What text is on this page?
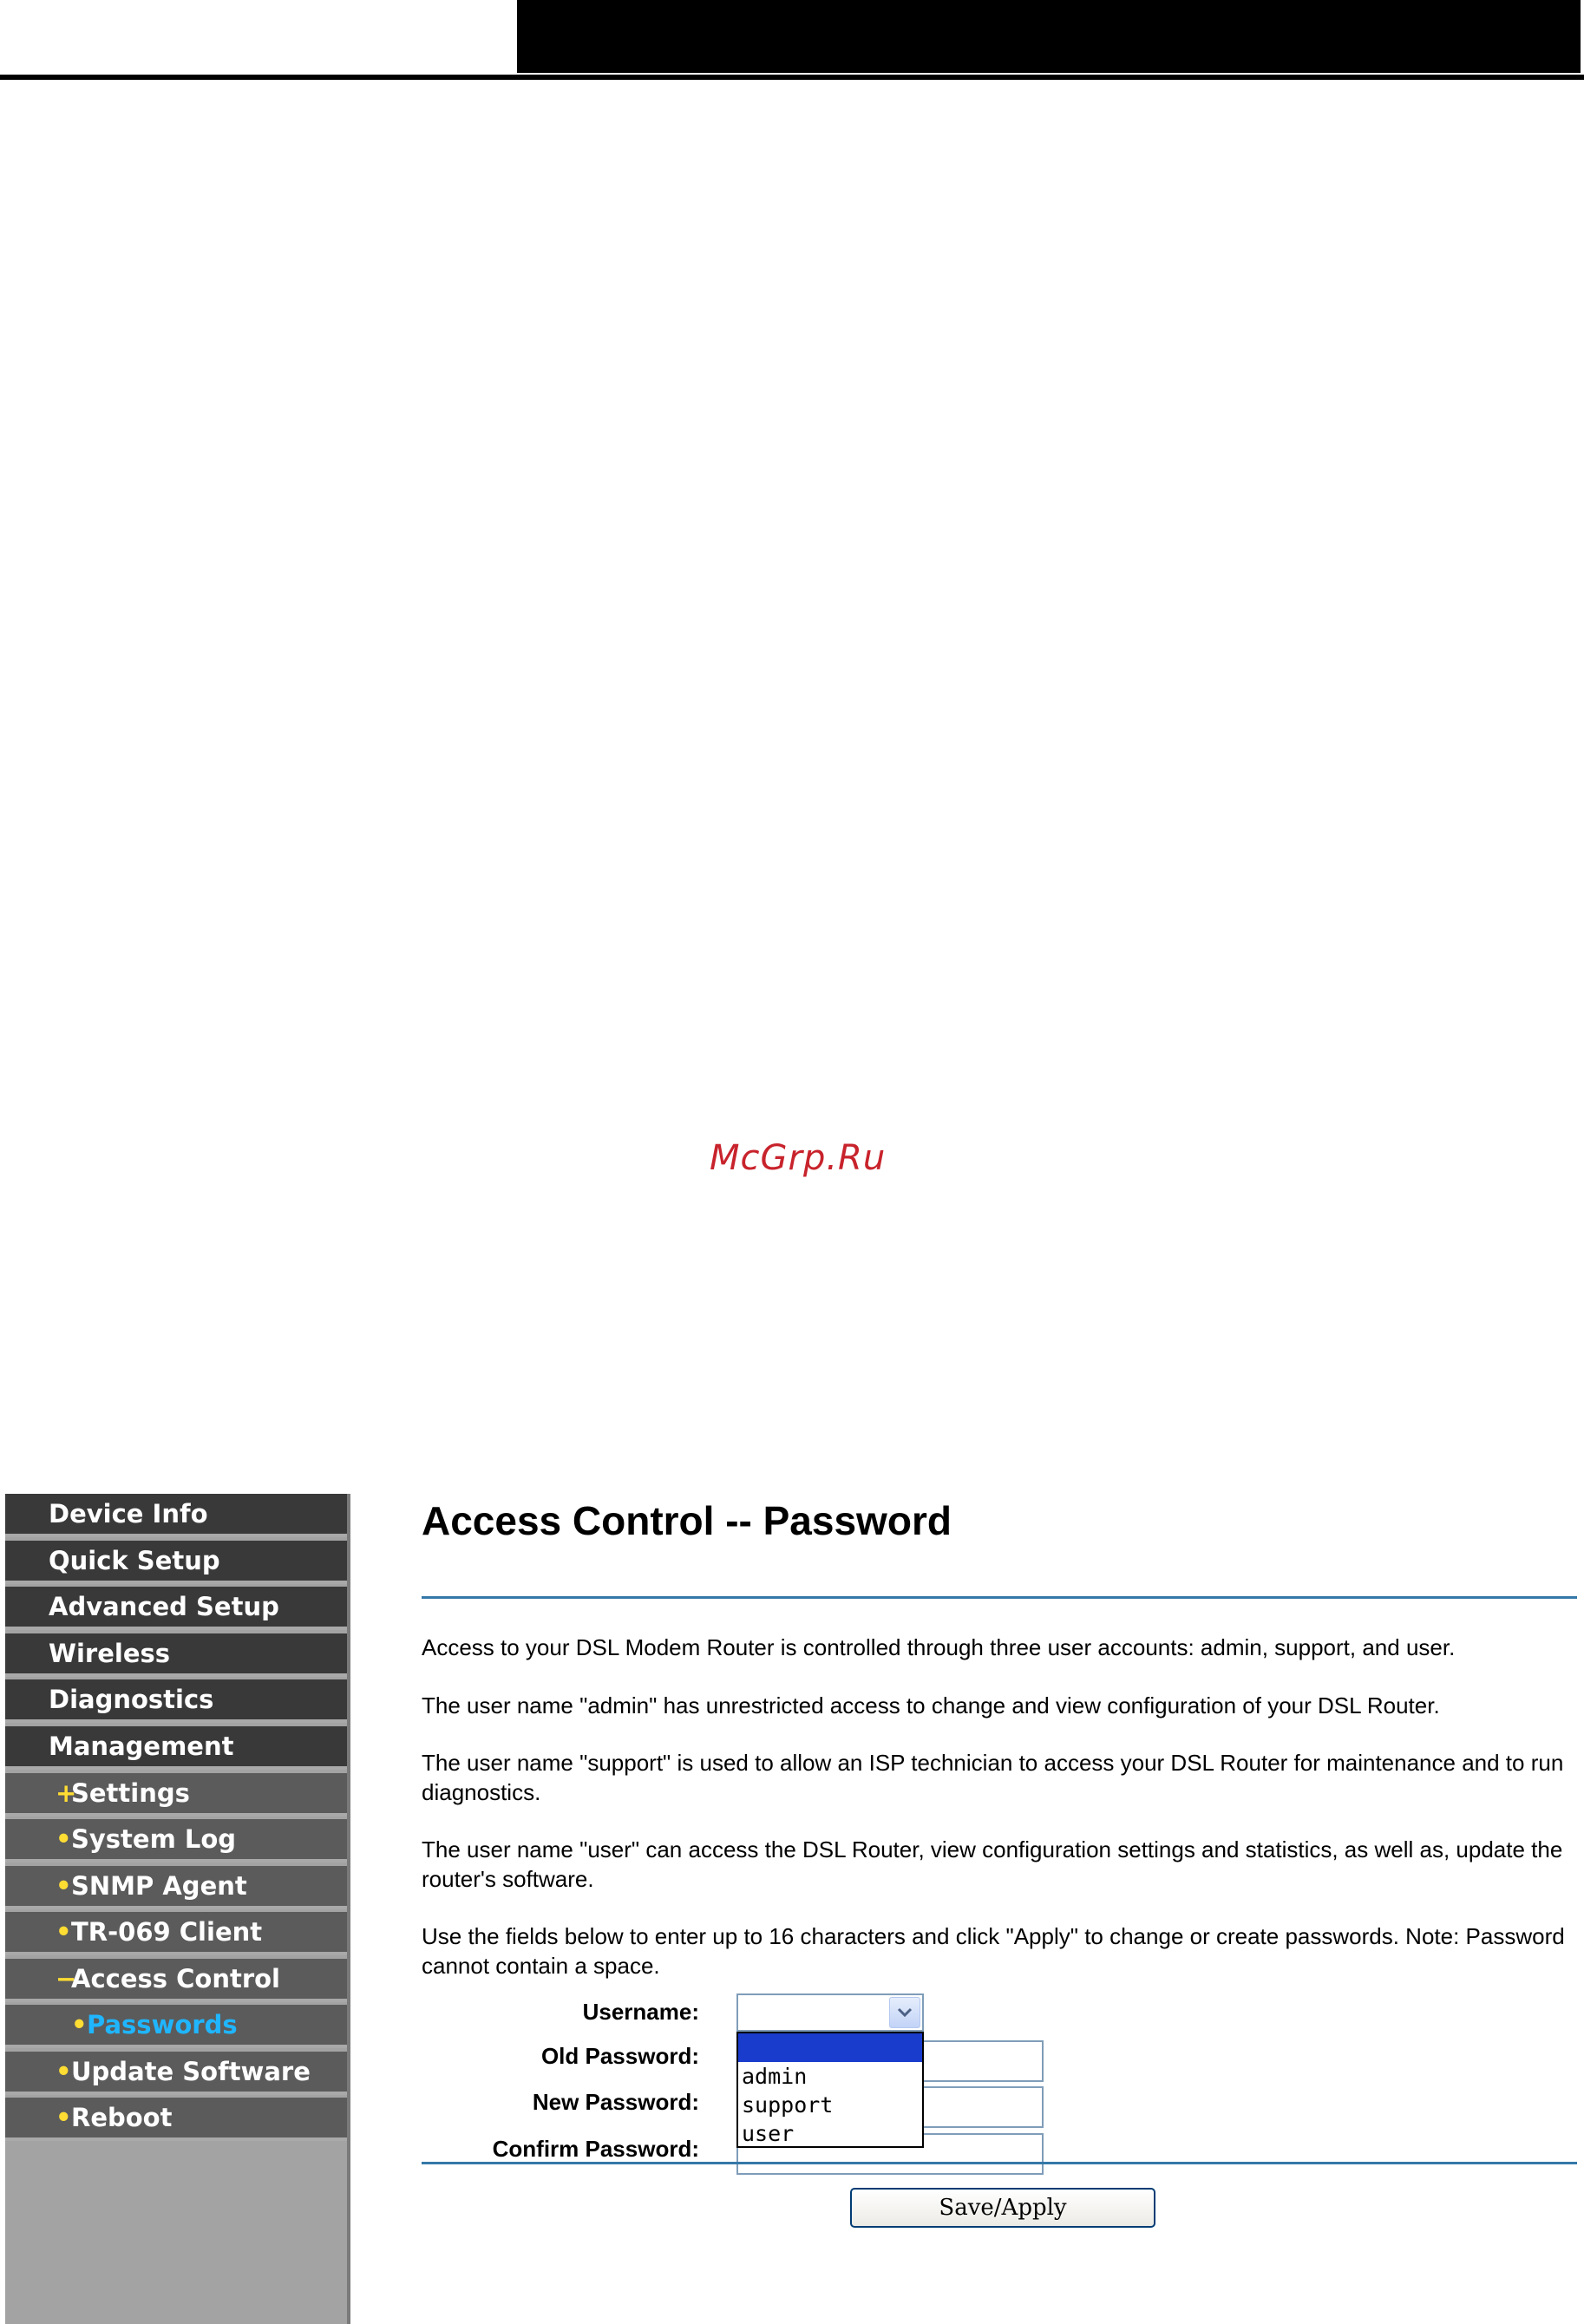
McGrp.Ru
Device Info
Quick Setup
Advanced Setup
Wireless
Diagnostics
Management
+Settings
•System Log
•SNMP Agent
•TR-069 Client
−Access Control
•Passwords
•Update Software
•Reboot
Access Control -- Password
Access to your DSL Modem Router is controlled through three user accounts: admin, support, and user.
The user name "admin" has unrestricted access to change and view configuration of your DSL Router.
The user name "support" is used to allow an ISP technician to access your DSL Router for maintenance and to run diagnostics.
The user name "user" can access the DSL Router, view configuration settings and statistics, as well as, update the router's software.
Use the fields below to enter up to 16 characters and click "Apply" to change or create passwords. Note: Password cannot contain a space.
Username:
Old Password:
New Password:
Confirm Password:
admin
support
user
Save/Apply
